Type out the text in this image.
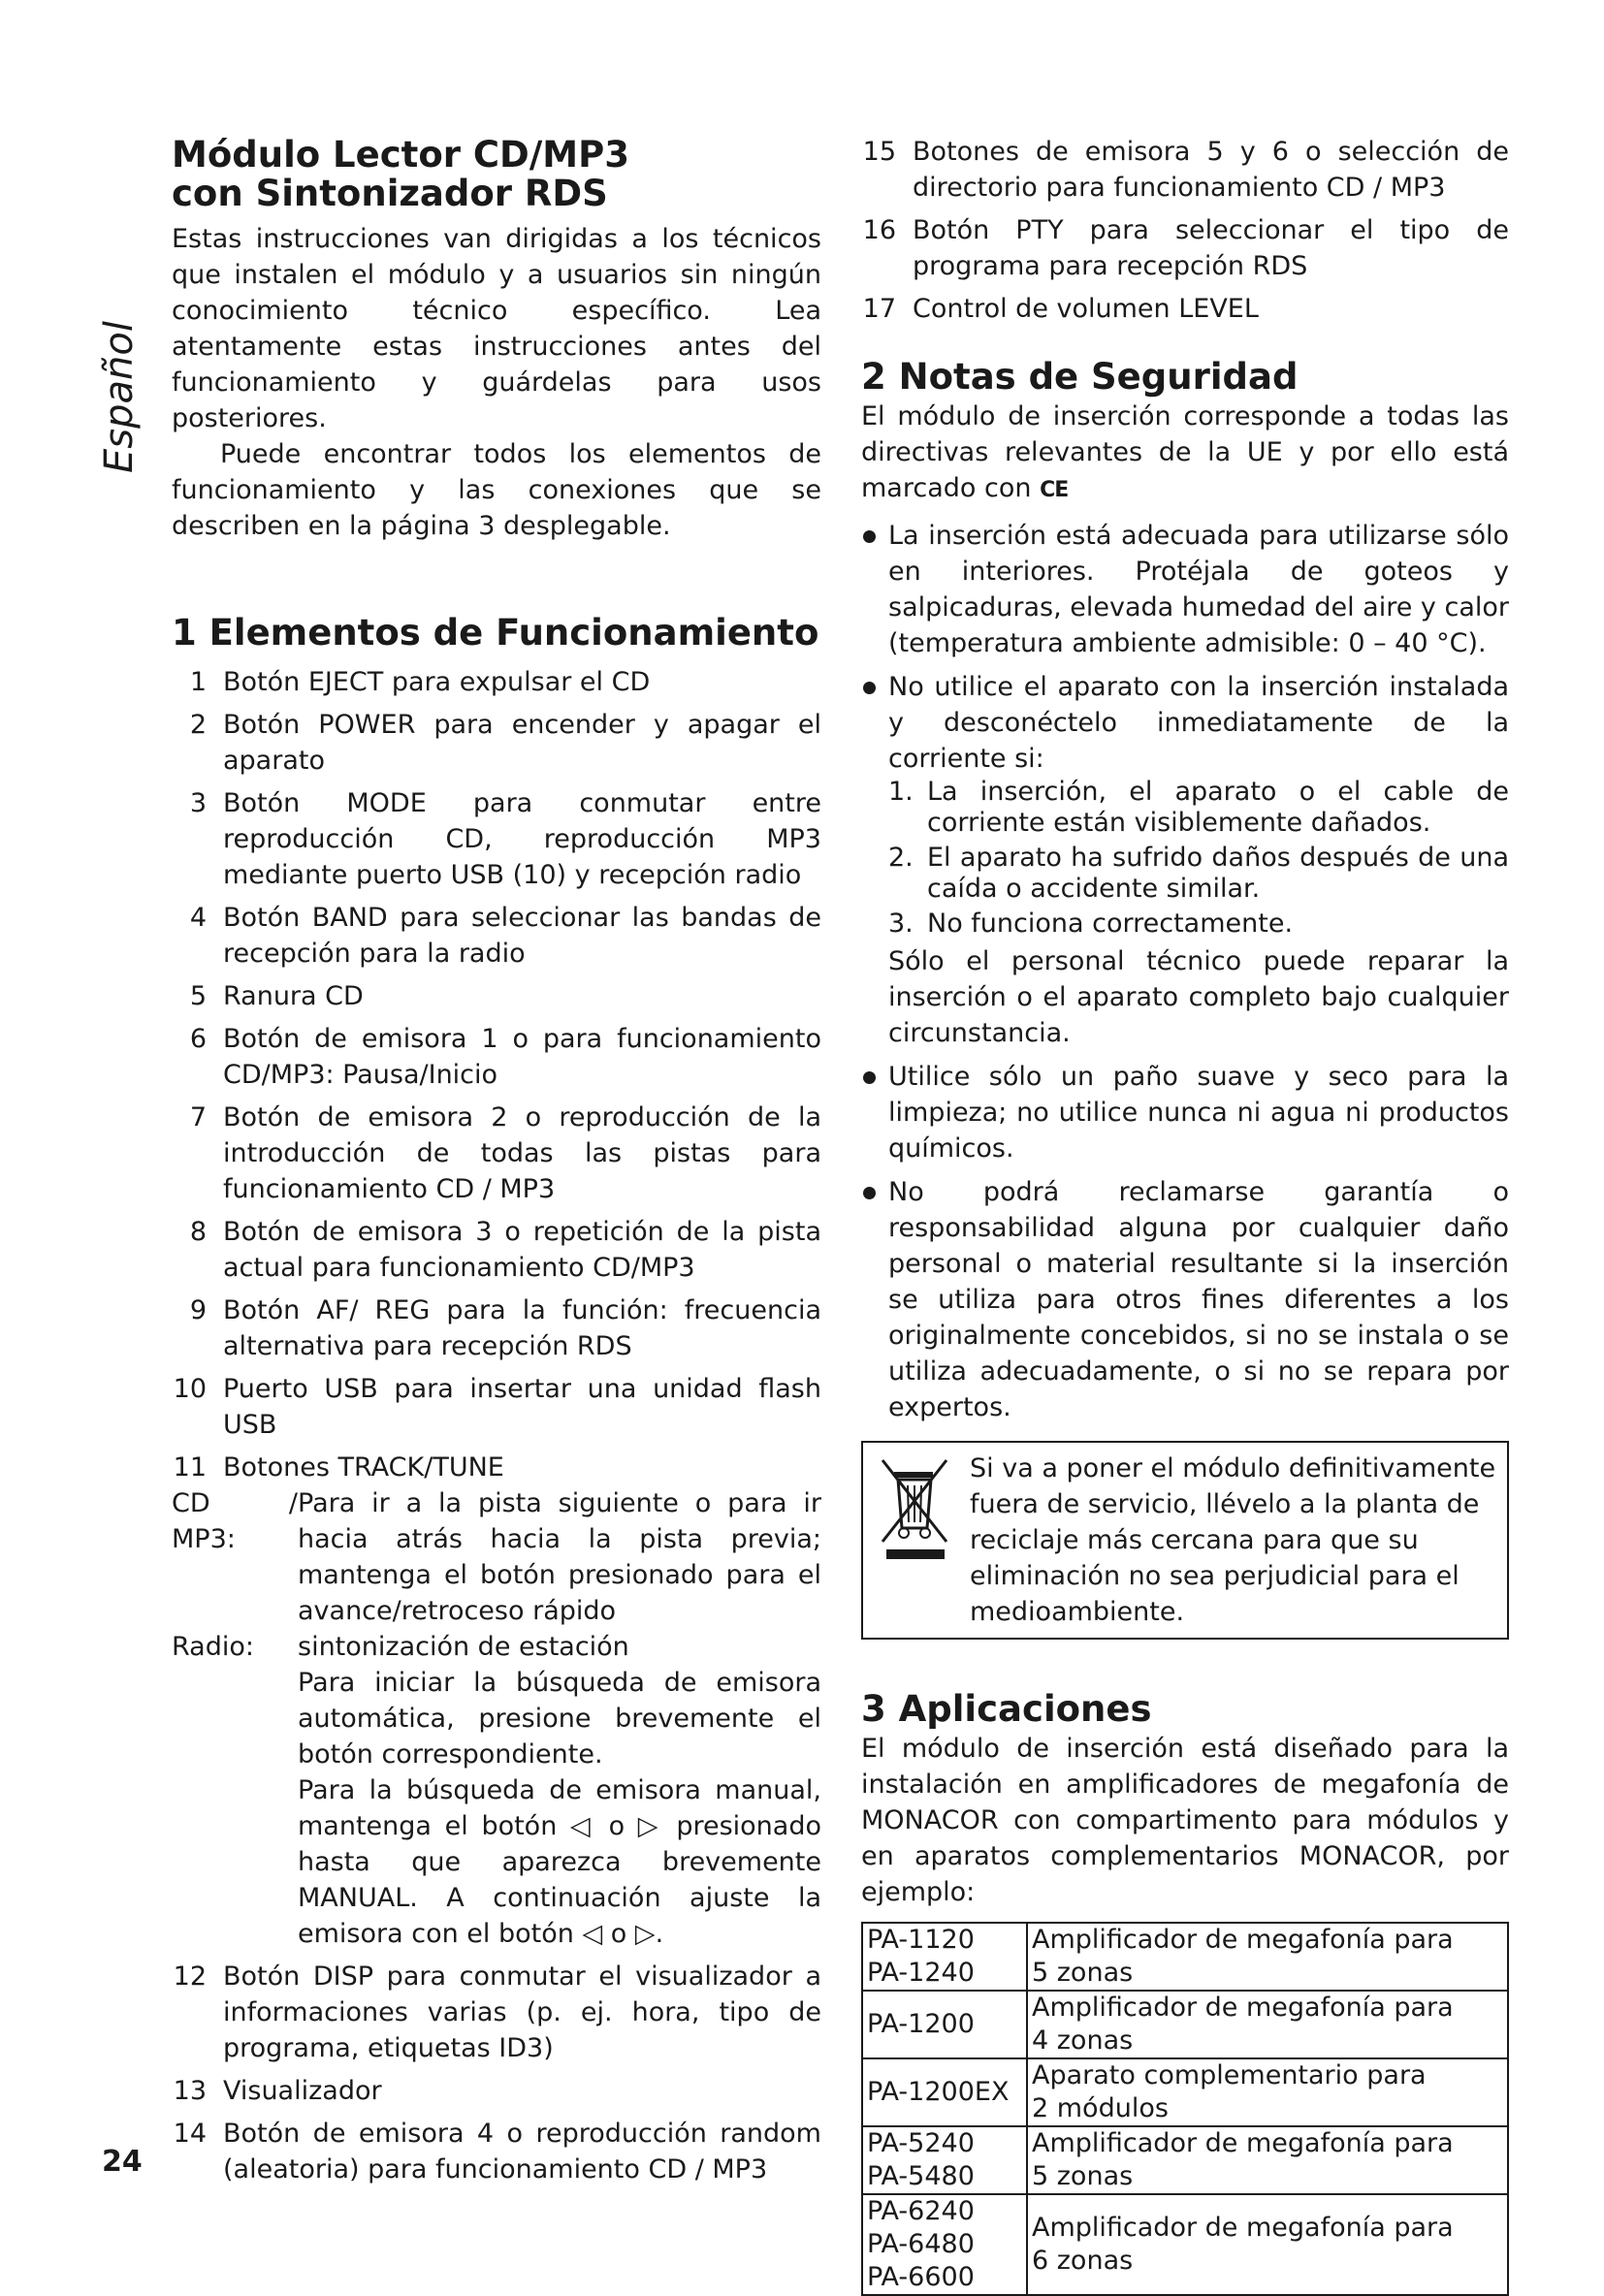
Español
24
Módulo Lector CD/MP3
con Sintonizador RDS

Estas instrucciones van dirigidas a los técnicos que instalen el módulo y a usuarios sin ningún conocimiento técnico específico. Lea atentamente estas instrucciones antes del funcionamiento y guárdelas para usos posteriores.

Puede encontrar todos los elementos de funcionamiento y las conexiones que se describen en la página 3 desplegable.

1 Elementos de Funcionamiento
1 Botón EJECT para expulsar el CD
2 Botón POWER para encender y apagar el aparato
3 Botón MODE para conmutar entre reproducción CD, reproducción MP3 mediante puerto USB (10) y recepción radio
4 Botón BAND para seleccionar las bandas de recepción para la radio
5 Ranura CD
6 Botón de emisora 1 o para funcionamiento CD/MP3: Pausa/Inicio
7 Botón de emisora 2 o reproducción de la introducción de todas las pistas para funcionamiento CD / MP3
8 Botón de emisora 3 o repetición de la pista actual para funcionamiento CD/MP3
9 Botón AF/ REG para la función: frecuencia alternativa para recepción RDS
10 Puerto USB para insertar una unidad flash USB
11 Botones TRACK/TUNE
CD / MP3:
Para ir a la pista siguiente o para ir hacia atrás hacia la pista previa; mantenga el botón presionado para el avance/retroceso rápido
Radio:	sintonización de estación

Para iniciar la búsqueda de emisora automática, presione brevemente el botón correspondiente.

Para la búsqueda de emisora manual, mantenga el botón ◁ o ▷ presionado hasta que aparezca brevemente MANUAL. A continuación ajuste la emisora con el botón ◁ o ▷.

12 Botón DISP para conmutar el visualizador a informaciones varias (p. ej. hora, tipo de programa, etiquetas ID3)
13 Visualizador
14 Botón de emisora 4 o reproducción random (aleatoria) para funcionamiento CD / MP3
15 Botones de emisora 5 y 6 o selección de directorio para funcionamiento CD / MP3
16 Botón PTY para seleccionar el tipo de programa para recepción RDS
17 Control de volumen LEVEL
2 Notas de Seguridad

El módulo de inserción corresponde a todas las directivas relevantes de la UE y por ello está marcado con CE

La inserción está adecuada para utilizarse sólo en interiores. Protéjala de goteos y salpicaduras, elevada humedad del aire y calor (temperatura ambiente admisible: 0 – 40 °C).
No utilice el aparato con la inserción instalada y desconéctelo inmediatamente de la corriente si:
1. La inserción, el aparato o el cable de corriente están visiblemente dañados.
2. El aparato ha sufrido daños después de una caída o accidente similar.
3. No funciona correctamente.
Sólo el personal técnico puede reparar la inserción o el aparato completo bajo cualquier circunstancia.
Utilice sólo un paño suave y seco para la limpieza; no utilice nunca ni agua ni productos químicos.
No podrá reclamarse garantía o responsabilidad alguna por cualquier daño personal o material resultante si la inserción se utiliza para otros fines diferentes a los originalmente concebidos, si no se instala o se utiliza adecuadamente, o si no se repara por expertos.
Si va a poner el módulo definitivamente fuera de servicio, llévelo a la planta de reciclaje más cercana para que su eliminación no sea perjudicial para el medioambiente.
3 Aplicaciones

El módulo de inserción está diseñado para la instalación en amplificadores de megafonía de MONACOR con compartimento para módulos y en aparatos complementarios MONACOR, por ejemplo:

PA-1120
PA-1240	Amplificador de megafonía para
5 zonas

PA-1200	Amplificador de megafonía para
4 zonas

PA-1200EX	Aparato complementario para
2 módulos

PA-5240
PA-5480	Amplificador de megafonía para
5 zonas

PA-6240
PA-6480
PA-6600	Amplificador de megafonía para
6 zonas
